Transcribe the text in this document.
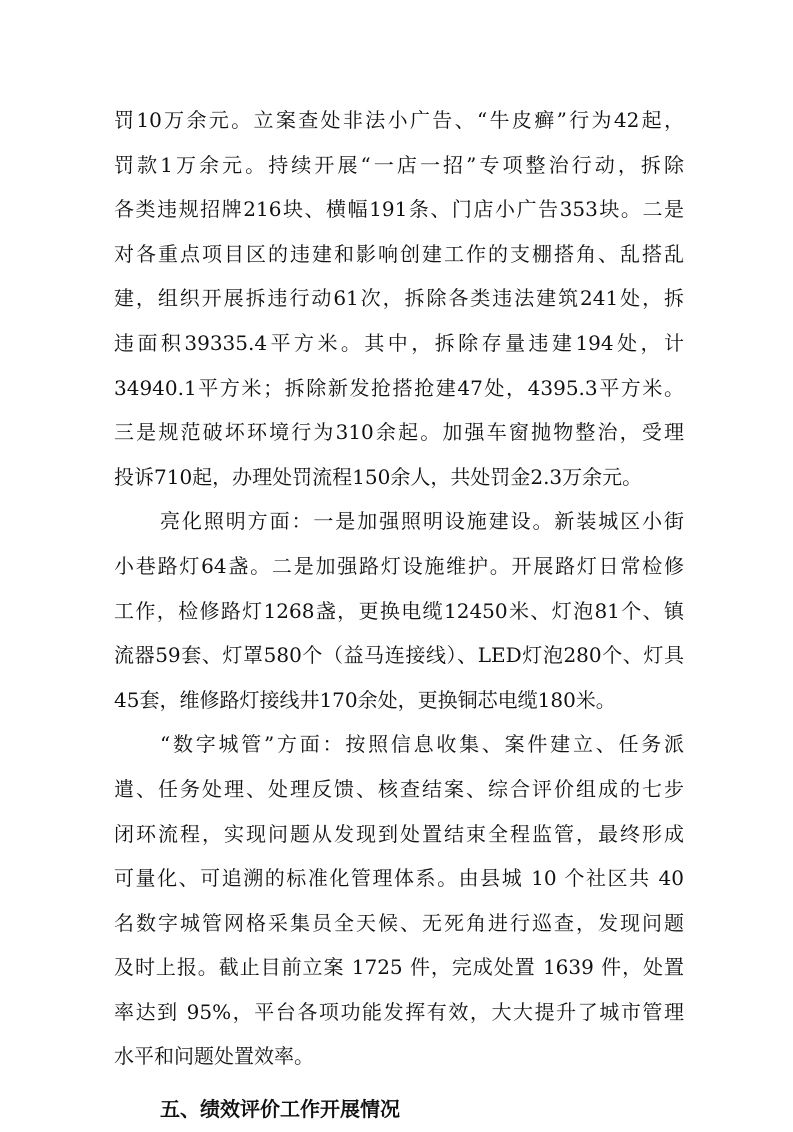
罚10万余元。立案查处非法小广告、“牛皮癣”行为42起，
罚款1万余元。持续开展“一店一招”专项整治行动，拆除
各类违规招牌216块、横幅191条、门店小广告353块。二是
对各重点项目区的违建和影响创建工作的支棚搭角、乱搭乱
建，组织开展拆违行动61次，拆除各类违法建筑241处，拆
违面积39335.4平方米。其中，拆除存量违建194处，计
34940.1平方米；拆除新发抢搭抢建47处，4395.3平方米。
三是规范破坏环境行为310余起。加强车窗抛物整治，受理
投诉710起，办理处罚流程150余人，共处罚金2.3万余元。
亮化照明方面：一是加强照明设施建设。新装城区小街
小巷路灯64盏。二是加强路灯设施维护。开展路灯日常检修
工作，检修路灯1268盏，更换电缆12450米、灯泡81个、镇
流器59套、灯罩580个（益马连接线）、LED灯泡280个、灯具
45套，维修路灯接线井170余处，更换铜芯电缆180米。
“数字城管”方面：按照信息收集、案件建立、任务派
遣、任务处理、处理反馈、核查结案、综合评价组成的七步
闭环流程，实现问题从发现到处置结束全程监管，最终形成
可量化、可追溯的标准化管理体系。由县城 10 个社区共 40
名数字城管网格采集员全天候、无死角进行巡查，发现问题
及时上报。截止目前立案 1725 件，完成处置 1639 件，处置
率达到 95%，平台各项功能发挥有效，大大提升了城市管理
水平和问题处置效率。
五、绩效评价工作开展情况
